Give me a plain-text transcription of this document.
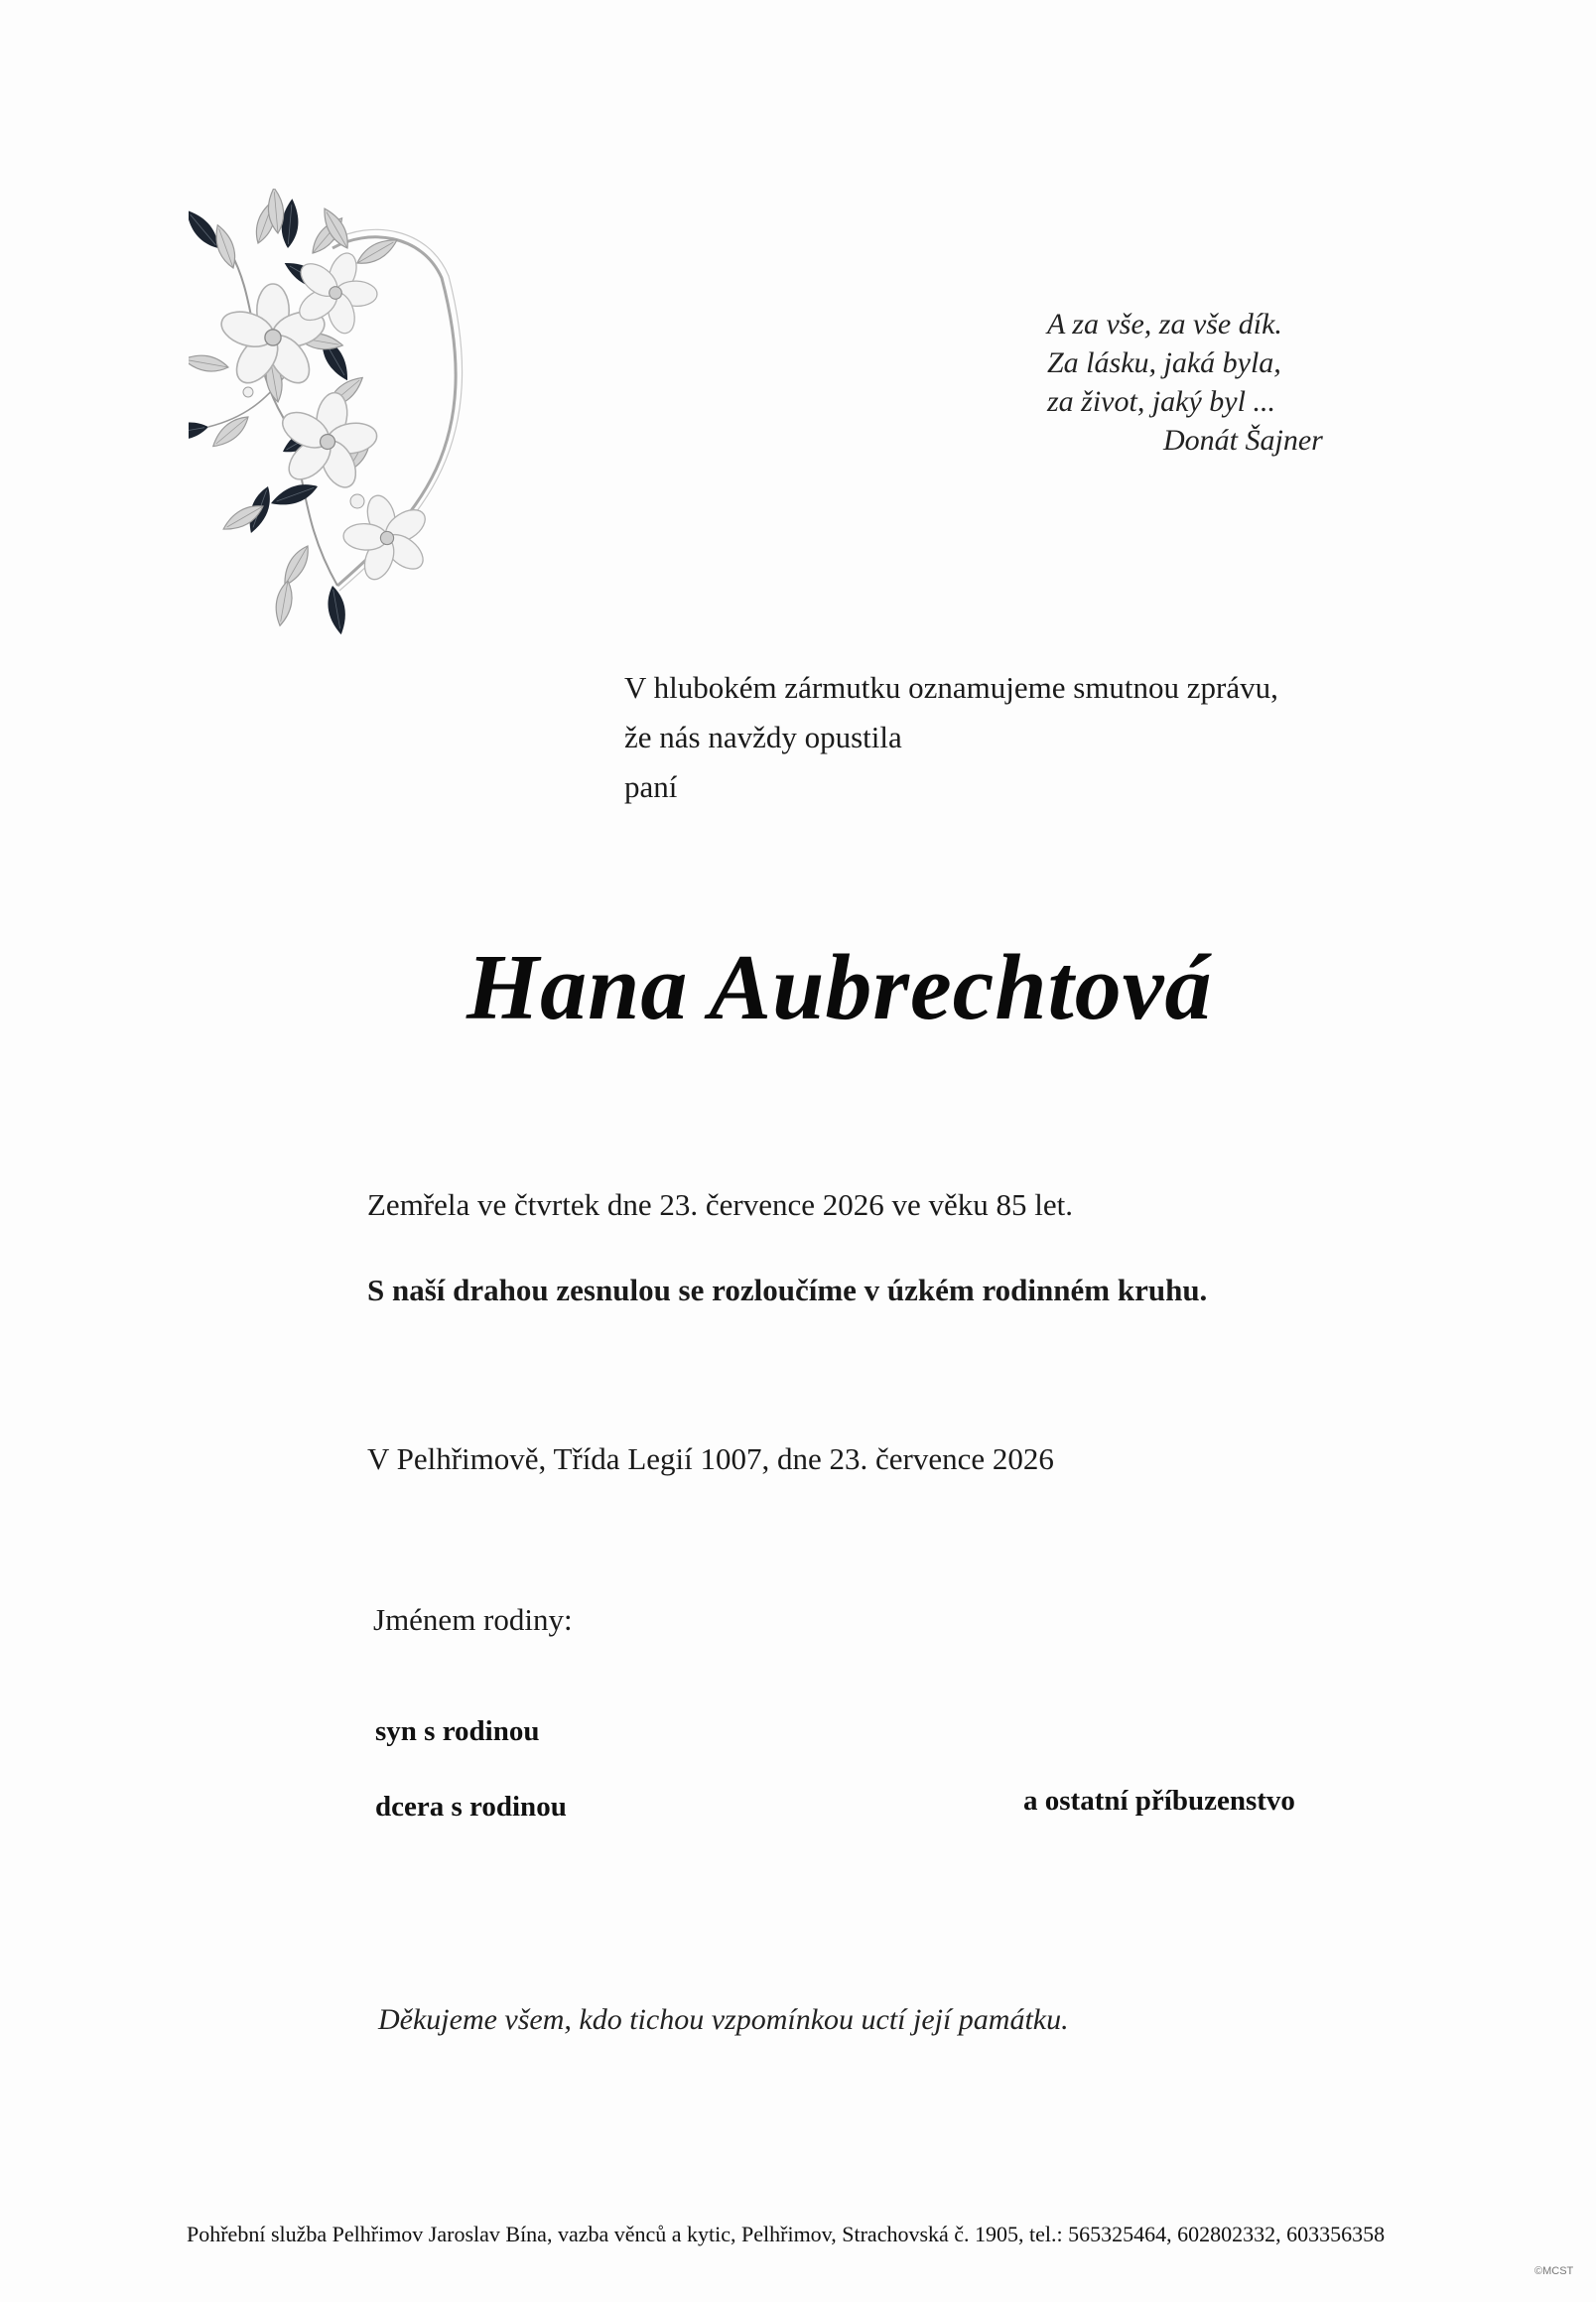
A za vše, za vše dík.
Za lásku, jaká byla,
za život, jaký byl ...
Donát Šajner
V hlubokém zármutku oznamujeme smutnou zprávu,
že nás navždy opustila
paní
Hana Aubrechtová
Zemřela ve čtvrtek dne 23. července 2026 ve věku 85 let.
S naší drahou zesnulou se rozloučíme v úzkém rodinném kruhu.
V Pelhřimově, Třída Legií 1007, dne 23. července 2026
Jménem rodiny:
syn s rodinou
dcera s rodinou	a ostatní příbuzenstvo
Děkujeme všem, kdo tichou vzpomínkou uctí její památku.
Pohřební služba Pelhřimov Jaroslav Bína, vazba věnců a kytic, Pelhřimov, Strachovská č. 1905, tel.: 565325464, 602802332, 603356358
©MCST
